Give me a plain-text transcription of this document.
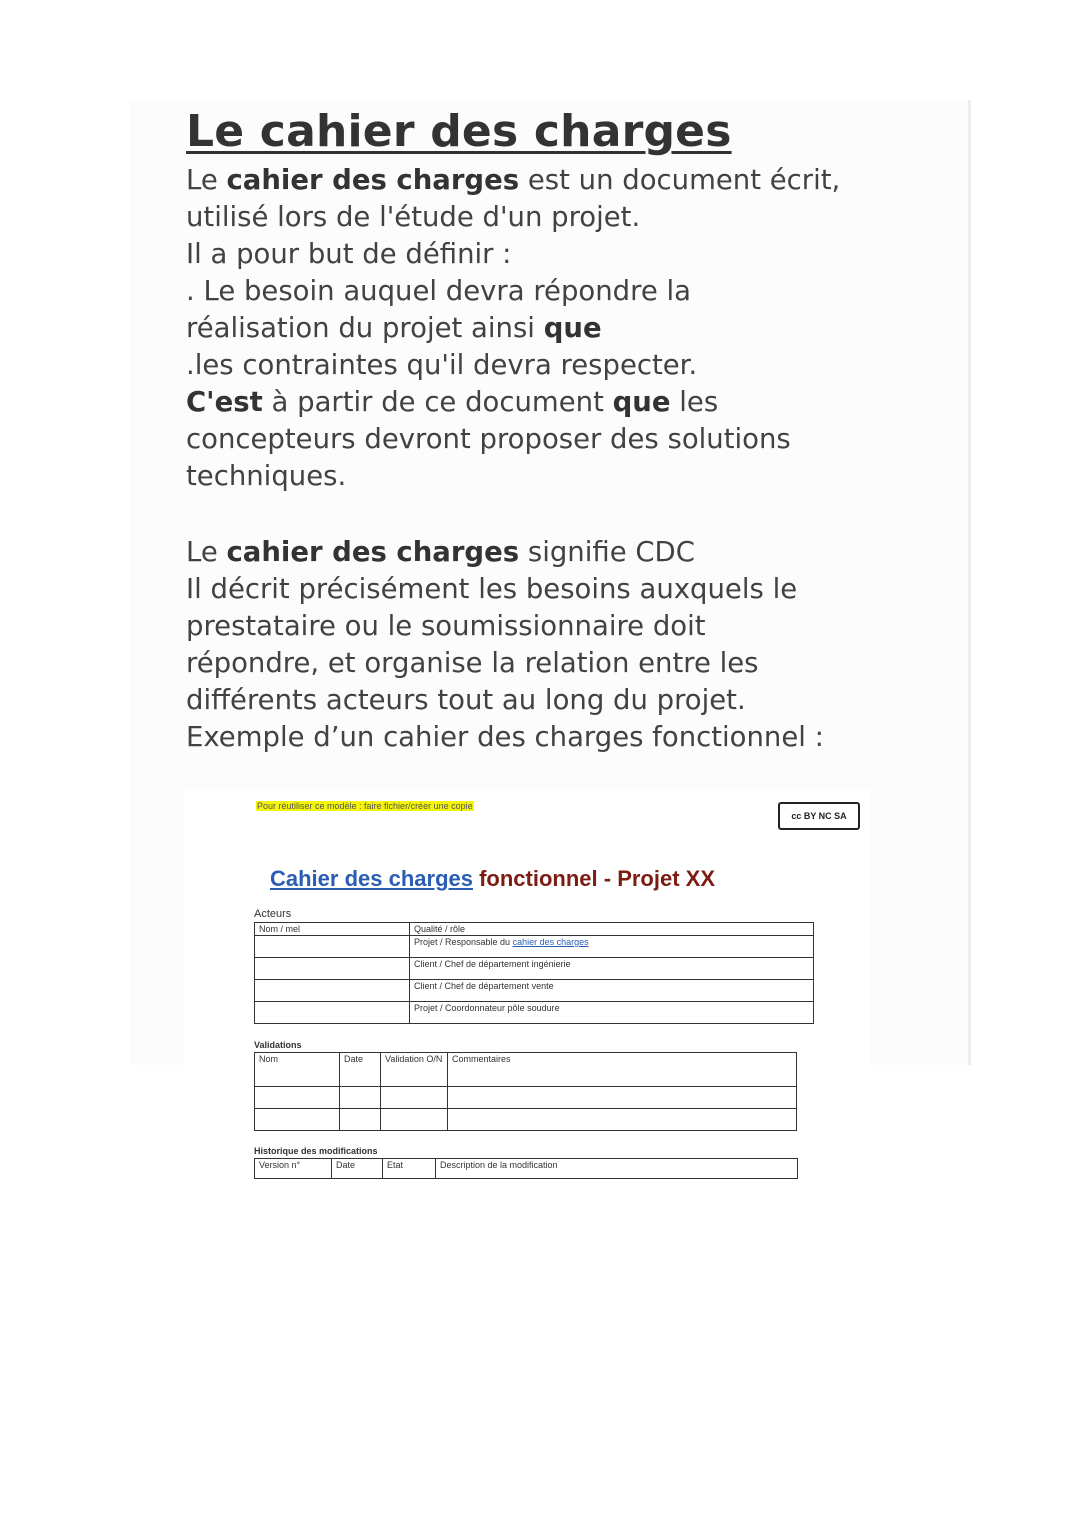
Le cahier des charges
Le cahier des charges est un document écrit,
utilisé lors de l'étude d'un projet.
Il a pour but de définir :
. Le besoin auquel devra répondre la
réalisation du projet ainsi que
.les contraintes qu'il devra respecter.
C'est à partir de ce document que les
concepteurs devront proposer des solutions
techniques.
Le cahier des charges signifie CDC
Il décrit précisément les besoins auxquels le
prestataire ou le soumissionnaire doit
répondre, et organise la relation entre les
différents acteurs tout au long du projet.
Exemple d’un cahier des charges fonctionnel :
Pour réutiliser ce modèle : faire fichier/créer une copie
cc BY NC SA
Cahier des charges fonctionnel - Projet XX
Acteurs
Nom / mel	Qualité / rôle
	Projet / Responsable du cahier des charges
	Client / Chef de département ingénierie
	Client / Chef de département vente
	Projet / Coordonnateur pôle soudure
Validations
Nom	Date	Validation O/N	Commentaires

Historique des modifications
Version n°	Date	Etat	Description de la modification
